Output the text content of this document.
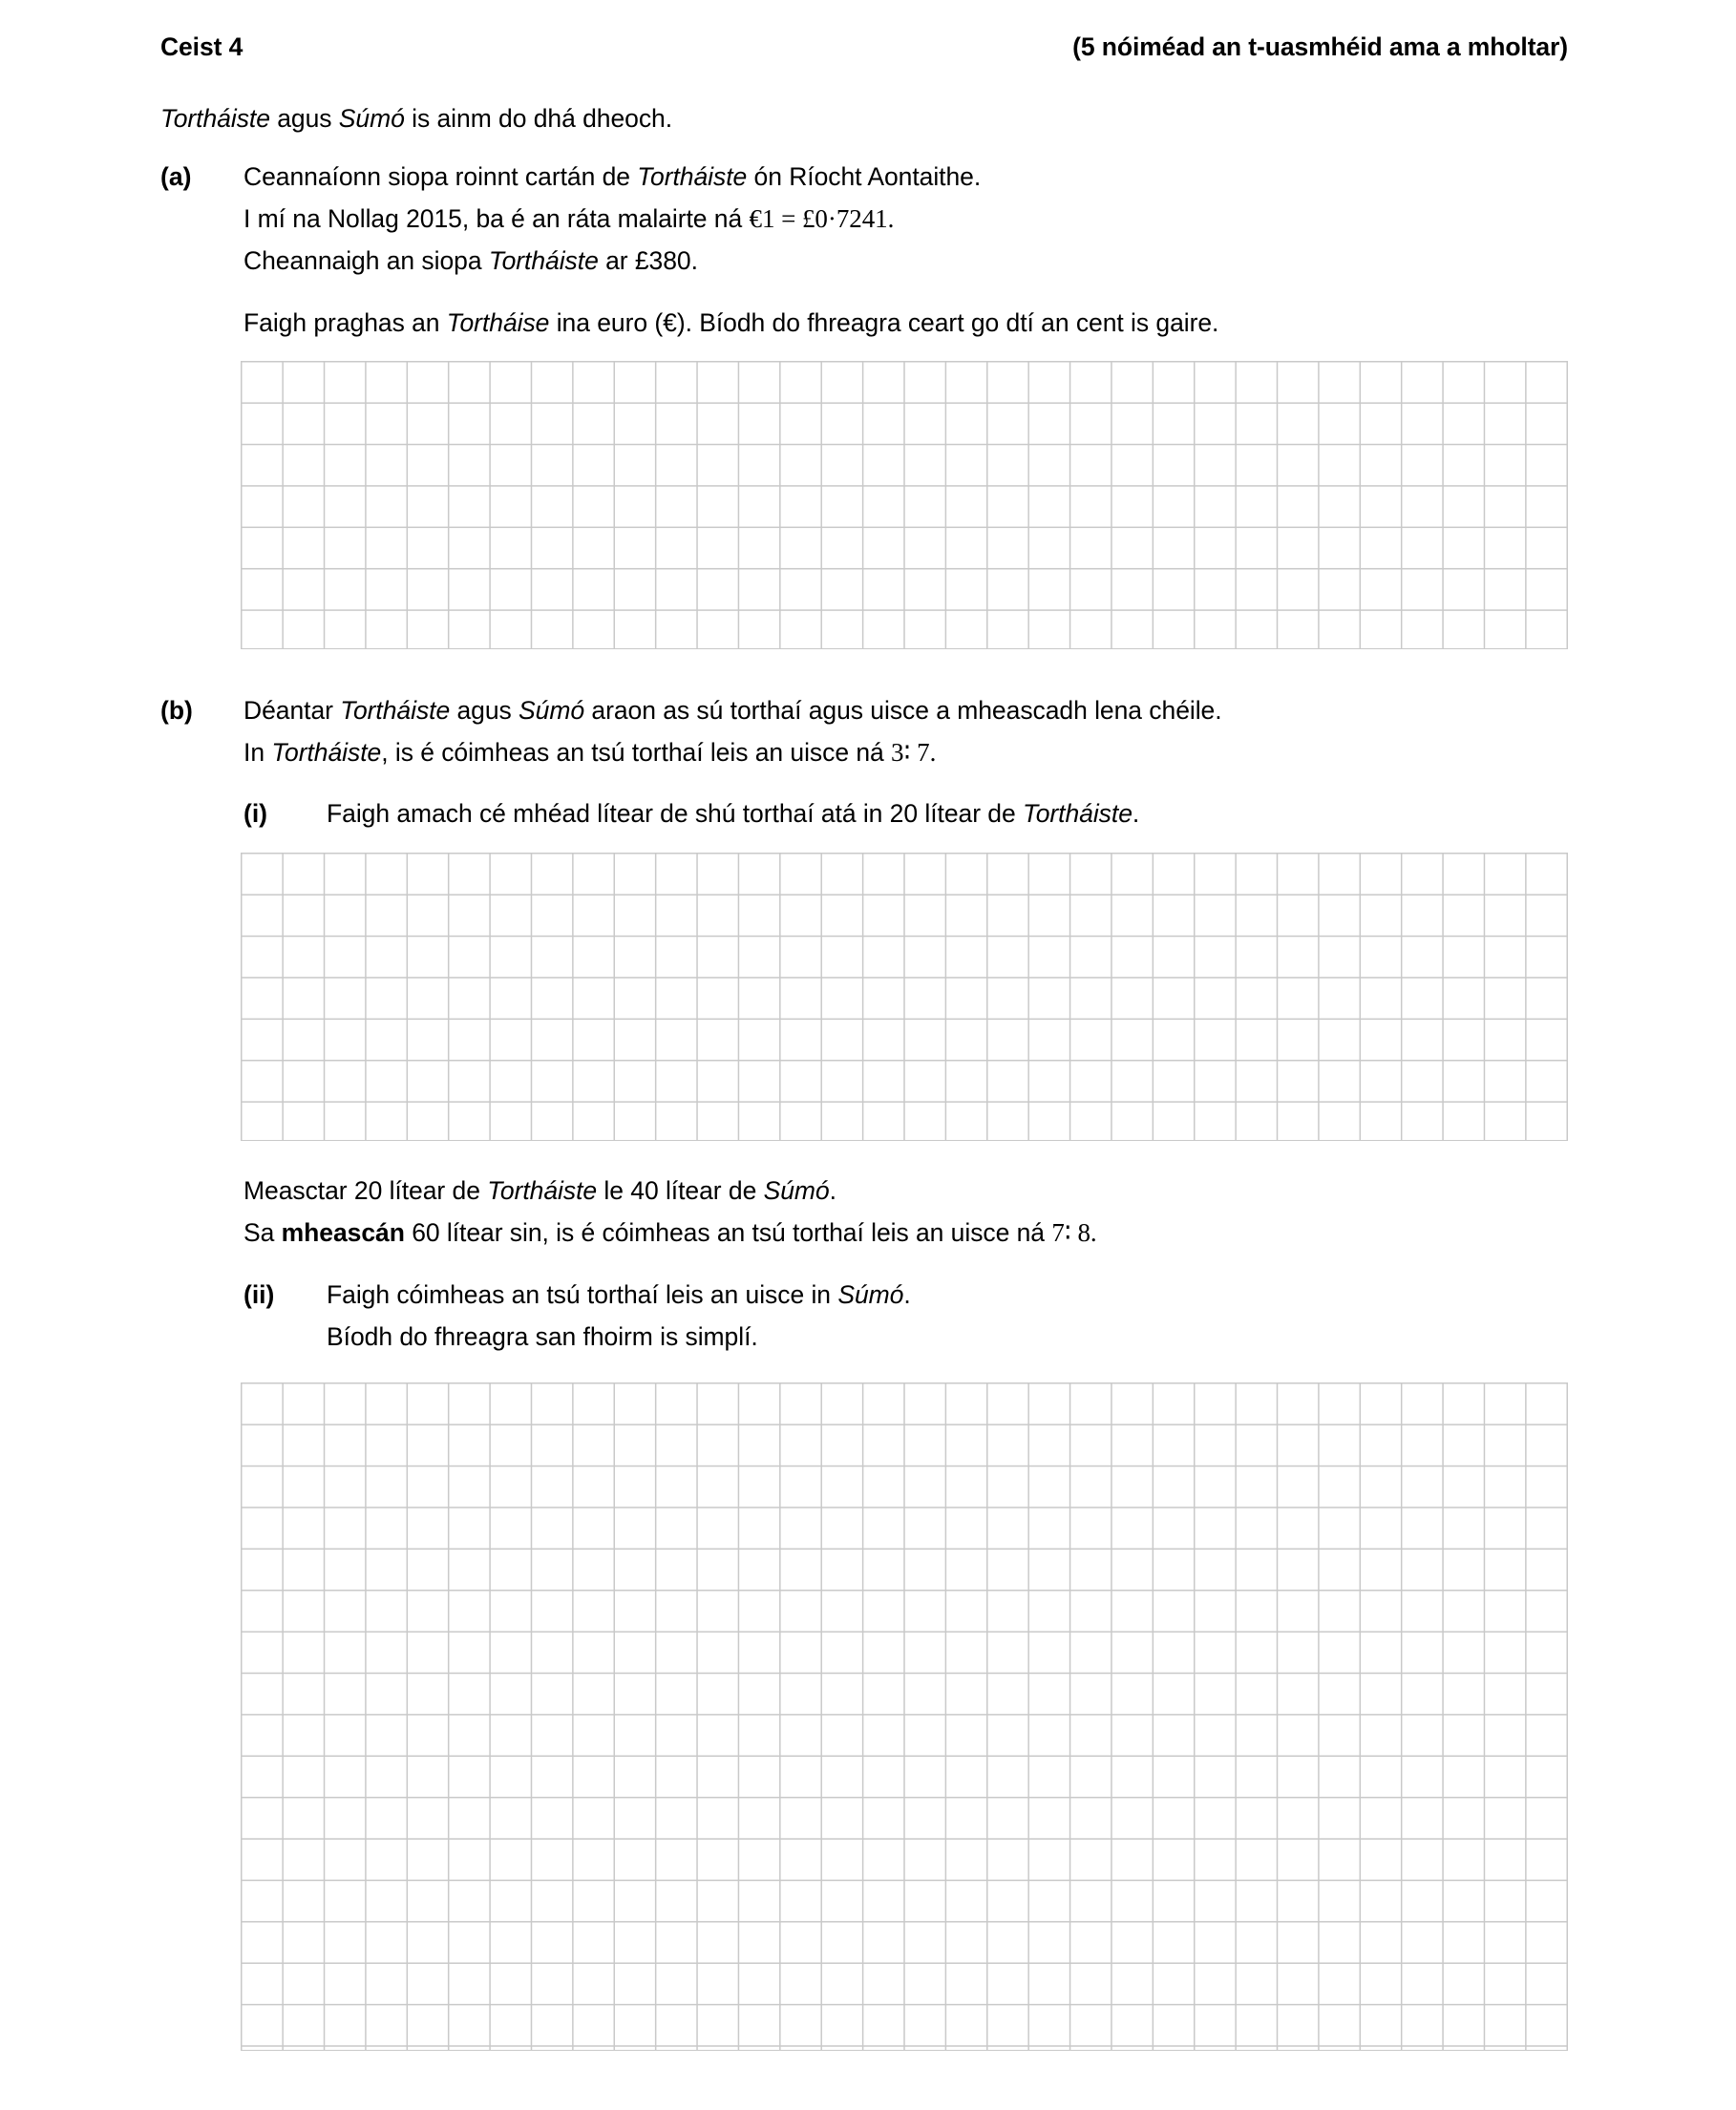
Ceist 4	(5 nóiméad an t-uasmhéid ama a mholtar)
Tortháiste agus Súmó is ainm do dhá dheoch.
(a) Ceannaíonn siopa roinnt cartán de Tortháiste ón Ríocht Aontaithe.
I mí na Nollag 2015, ba é an ráta malairte ná €1 = £0·7241.
Cheannaigh an siopa Tortháiste ar £380.
Faigh praghas an Tortháise ina euro (€). Bíodh do fhreagra ceart go dtí an cent is gaire.
(b) Déantar Tortháiste agus Súmó araon as sú torthaí agus uisce a mheascadh lena chéile.
In Tortháiste, is é cóimheas an tsú torthaí leis an uisce ná 3∶ 7.
(i) Faigh amach cé mhéad lítear de shú torthaí atá in 20 lítear de Tortháiste.
Measctar 20 lítear de Tortháiste le 40 lítear de Súmó.
Sa mheascán 60 lítear sin, is é cóimheas an tsú torthaí leis an uisce ná 7∶ 8.
(ii) Faigh cóimheas an tsú torthaí leis an uisce in Súmó.
Bíodh do fhreagra san fhoirm is simplí.
